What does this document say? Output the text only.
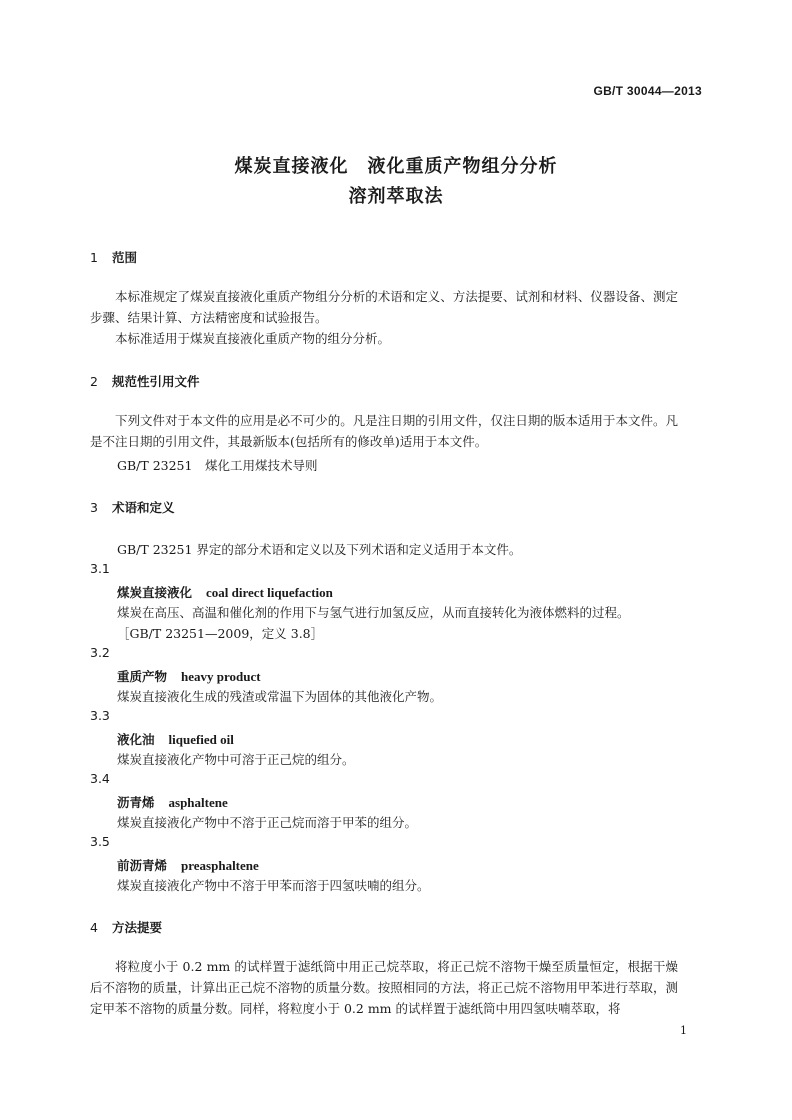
GB/T 30044—2013
煤炭直接液化　液化重质产物组分分析
溶剂萃取法
1 范围
本标准规定了煤炭直接液化重质产物组分分析的术语和定义、方法提要、试剂和材料、仪器设备、测定步骤、结果计算、方法精密度和试验报告。
本标准适用于煤炭直接液化重质产物的组分分析。
2 规范性引用文件
下列文件对于本文件的应用是必不可少的。凡是注日期的引用文件，仅注日期的版本适用于本文件。凡是不注日期的引用文件，其最新版本(包括所有的修改单)适用于本文件。
GB/T 23251　煤化工用煤技术导则
3 术语和定义
GB/T 23251 界定的部分术语和定义以及下列术语和定义适用于本文件。
3.1
煤炭直接液化 coal direct liquefaction
煤炭在高压、高温和催化剂的作用下与氢气进行加氢反应，从而直接转化为液体燃料的过程。
［GB/T 23251—2009，定义 3.8］
3.2
重质产物 heavy product
煤炭直接液化生成的残渣或常温下为固体的其他液化产物。
3.3
液化油 liquefied oil
煤炭直接液化产物中可溶于正己烷的组分。
3.4
沥青烯 asphaltene
煤炭直接液化产物中不溶于正己烷而溶于甲苯的组分。
3.5
前沥青烯 preasphaltene
煤炭直接液化产物中不溶于甲苯而溶于四氢呋喃的组分。
4 方法提要
将粒度小于 0.2 mm 的试样置于滤纸筒中用正己烷萃取，将正己烷不溶物干燥至质量恒定，根据干燥后不溶物的质量，计算出正己烷不溶物的质量分数。按照相同的方法，将正己烷不溶物用甲苯进行萃取，测定甲苯不溶物的质量分数。同样，将粒度小于 0.2 mm 的试样置于滤纸筒中用四氢呋喃萃取，将
1
